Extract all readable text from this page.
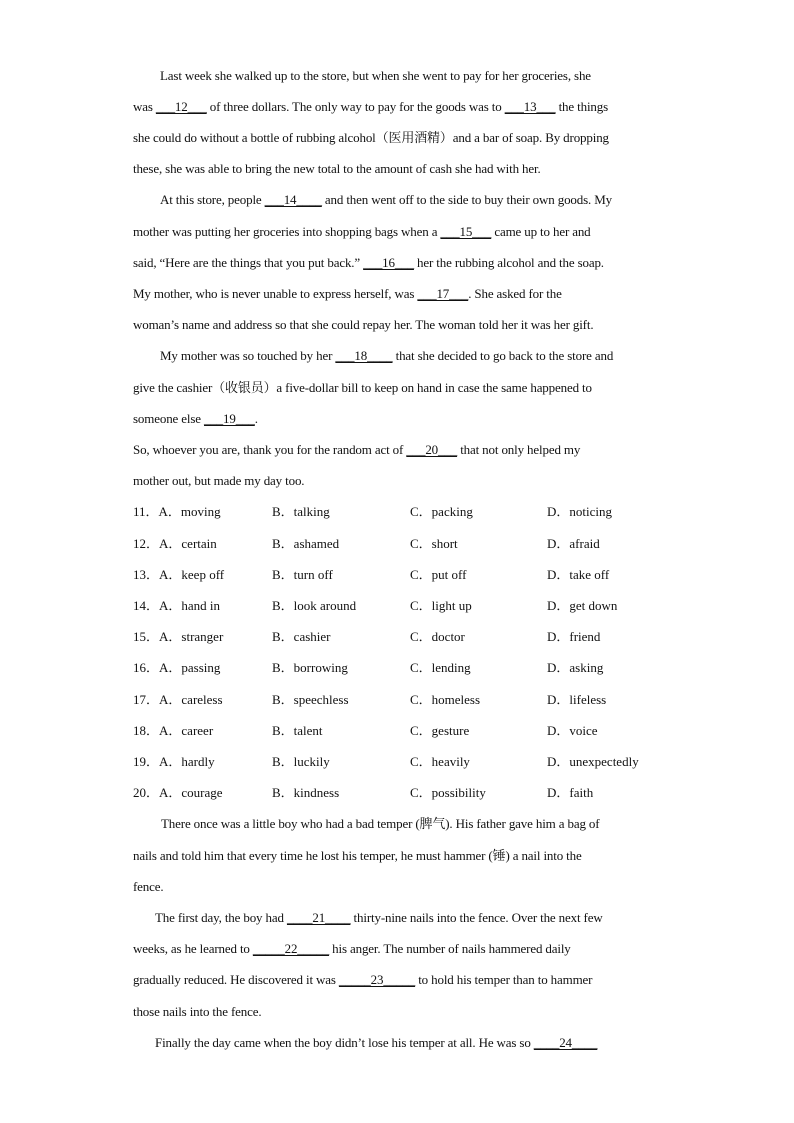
Last week she walked up to the store, but when she went to pay for her groceries, she
was ___12___ of three dollars. The only way to pay for the goods was to ___13___ the things
she could do without a bottle of rubbing alcohol（医用酒精）and a bar of soap. By dropping
these, she was able to bring the new total to the amount of cash she had with her.
At this store, people ___14____ and then went off to the side to buy their own goods. My
mother was putting her groceries into shopping bags when a ___15___ came up to her and
said, “Here are the things that you put back.” ___16___ her the rubbing alcohol and the soap.
My mother, who is never unable to express herself, was ___17___. She asked for the
woman’s name and address so that she could repay her. The woman told her it was her gift.
My mother was so touched by her ___18____ that she decided to go back to the store and
give the cashier（收银员）a five-dollar bill to keep on hand in case the same happened to
someone else ___19___.
So, whoever you are, thank you for the random act of ___20___ that not only helped my
mother out, but made my day too.
11．A．moving	B．talking	C．packing	D．noticing
12．A．certain	B．ashamed	C．short	D．afraid
13．A．keep off	B．turn off	C．put off	D．take off
14．A．hand in	B．look around	C．light up	D．get down
15．A．stranger	B．cashier	C．doctor	D．friend
16．A．passing	B．borrowing	C．lending	D．asking
17．A．careless	B．speechless	C．homeless	D．lifeless
18．A．career	B．talent	C．gesture	D．voice
19．A．hardly	B．luckily	C．heavily	D．unexpectedly
20．A．courage	B．kindness	C．possibility	D．faith
There once was a little boy who had a bad temper (脾气). His father gave him a bag of
nails and told him that every time he lost his temper, he must hammer (锤) a nail into the
fence.
The first day, the boy had ____21____ thirty-nine nails into the fence. Over the next few
weeks, as he learned to _____22_____ his anger. The number of nails hammered daily
gradually reduced. He discovered it was _____23_____ to hold his temper than to hammer
those nails into the fence.
Finally the day came when the boy didn’t lose his temper at all. He was so ____24____
